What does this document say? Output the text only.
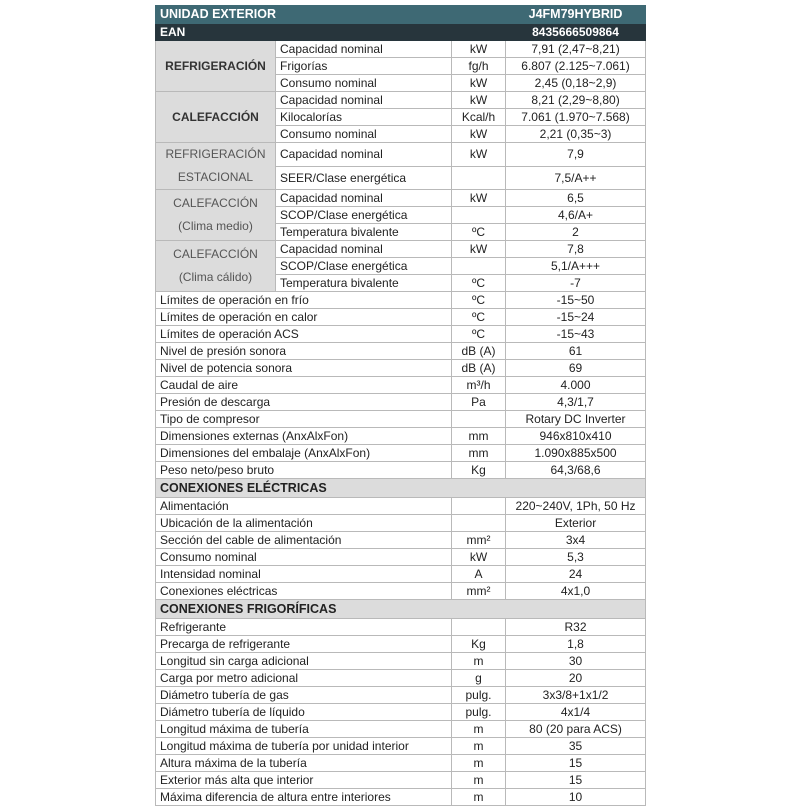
UNIDAD EXTERIOR			J4FM79HYBRID
EAN			8435666509864
REFRIGERACIÓN	Capacidad nominal	kW	7,91 (2,47~8,21)
	Frigorías	fg/h	6.807 (2.125~7.061)
	Consumo nominal	kW	2,45 (0,18~2,9)
CALEFACCIÓN	Capacidad nominal	kW	8,21 (2,29~8,80)
	Kilocalorías	Kcal/h	7.061 (1.970~7.568)
	Consumo nominal	kW	2,21 (0,35~3)
REFRIGERACIÓN ESTACIONAL	Capacidad nominal	kW	7,9
	SEER/Clase energética		7,5/A++
CALEFACCIÓN (Clima medio)	Capacidad nominal	kW	6,5
	SCOP/Clase energética		4,6/A+
	Temperatura bivalente	ºC	2
CALEFACCIÓN (Clima cálido)	Capacidad nominal	kW	7,8
	SCOP/Clase energética		5,1/A+++
	Temperatura bivalente	ºC	-7
Límites de operación en frío		ºC	-15~50
Límites de operación en calor		ºC	-15~24
Límites de operación ACS		ºC	-15~43
Nivel de presión sonora		dB (A)	61
Nivel de potencia sonora		dB (A)	69
Caudal de aire		m³/h	4.000
Presión de descarga		Pa	4,3/1,7
Tipo de compresor			Rotary DC Inverter
Dimensiones externas (AnxAlxFon)		mm	946x810x410
Dimensiones del embalaje (AnxAlxFon)		mm	1.090x885x500
Peso neto/peso bruto		Kg	64,3/68,6
CONEXIONES ELÉCTRICAS			
Alimentación			220~240V, 1Ph, 50 Hz
Ubicación de la alimentación			Exterior
Sección del cable de alimentación		mm²	3x4
Consumo nominal		kW	5,3
Intensidad nominal		A	24
Conexiones eléctricas		mm²	4x1,0
CONEXIONES FRIGORÍFICAS			
Refrigerante			R32
Precarga de refrigerante		Kg	1,8
Longitud sin carga adicional		m	30
Carga por metro adicional		g	20
Diámetro tubería de gas		pulg.	3x3/8+1x1/2
Diámetro tubería de líquido		pulg.	4x1/4
Longitud máxima de tubería		m	80 (20 para ACS)
Longitud máxima de tubería por unidad interior		m	35
Altura máxima de la tubería		m	15
Exterior más alta que interior		m	15
Máxima diferencia de altura entre interiores		m	10
